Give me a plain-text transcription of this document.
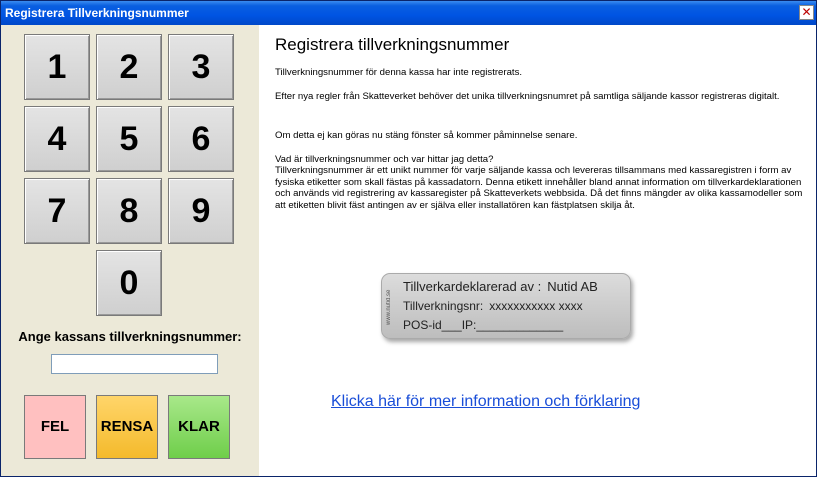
Registrera Tillverkningsnummer	✕
1	2	3
4	5	6
7	8	9
0
Ange kassans tillverkningsnummer:
FEL	RENSA	KLAR
Registrera tillverkningsnummer
Tillverkningsnummer för denna kassa har inte registrerats.
Efter nya regler från Skatteverket behöver det unika tillverkningsnumret på samtliga säljande kassor registreras digitalt.
Om detta ej kan göras nu stäng fönster så kommer påminnelse senare.
Vad är tillverkningsnummer och var hittar jag detta?
Tillverkningsnummer är ett unikt nummer för varje säljande kassa och levereras tillsammans med kassaregistren i form av fysiska etiketter som skall fästas på kassadatorn. Denna etikett innehåller bland annat information om tillverkardeklarationen och används vid registrering av kassaregister på Skatteverkets webbsida. Då det finns mängder av olika kassamodeller som att etiketten blivit fäst antingen av er själva eller installatören kan fästplatsen skilja åt.
www.nutid.se
Tillverkardeklarerad av : Nutid AB
Tillverkningsnr: xxxxxxxxxxx xxxx
POS-id___IP:_____________
Klicka här för mer information och förklaring
